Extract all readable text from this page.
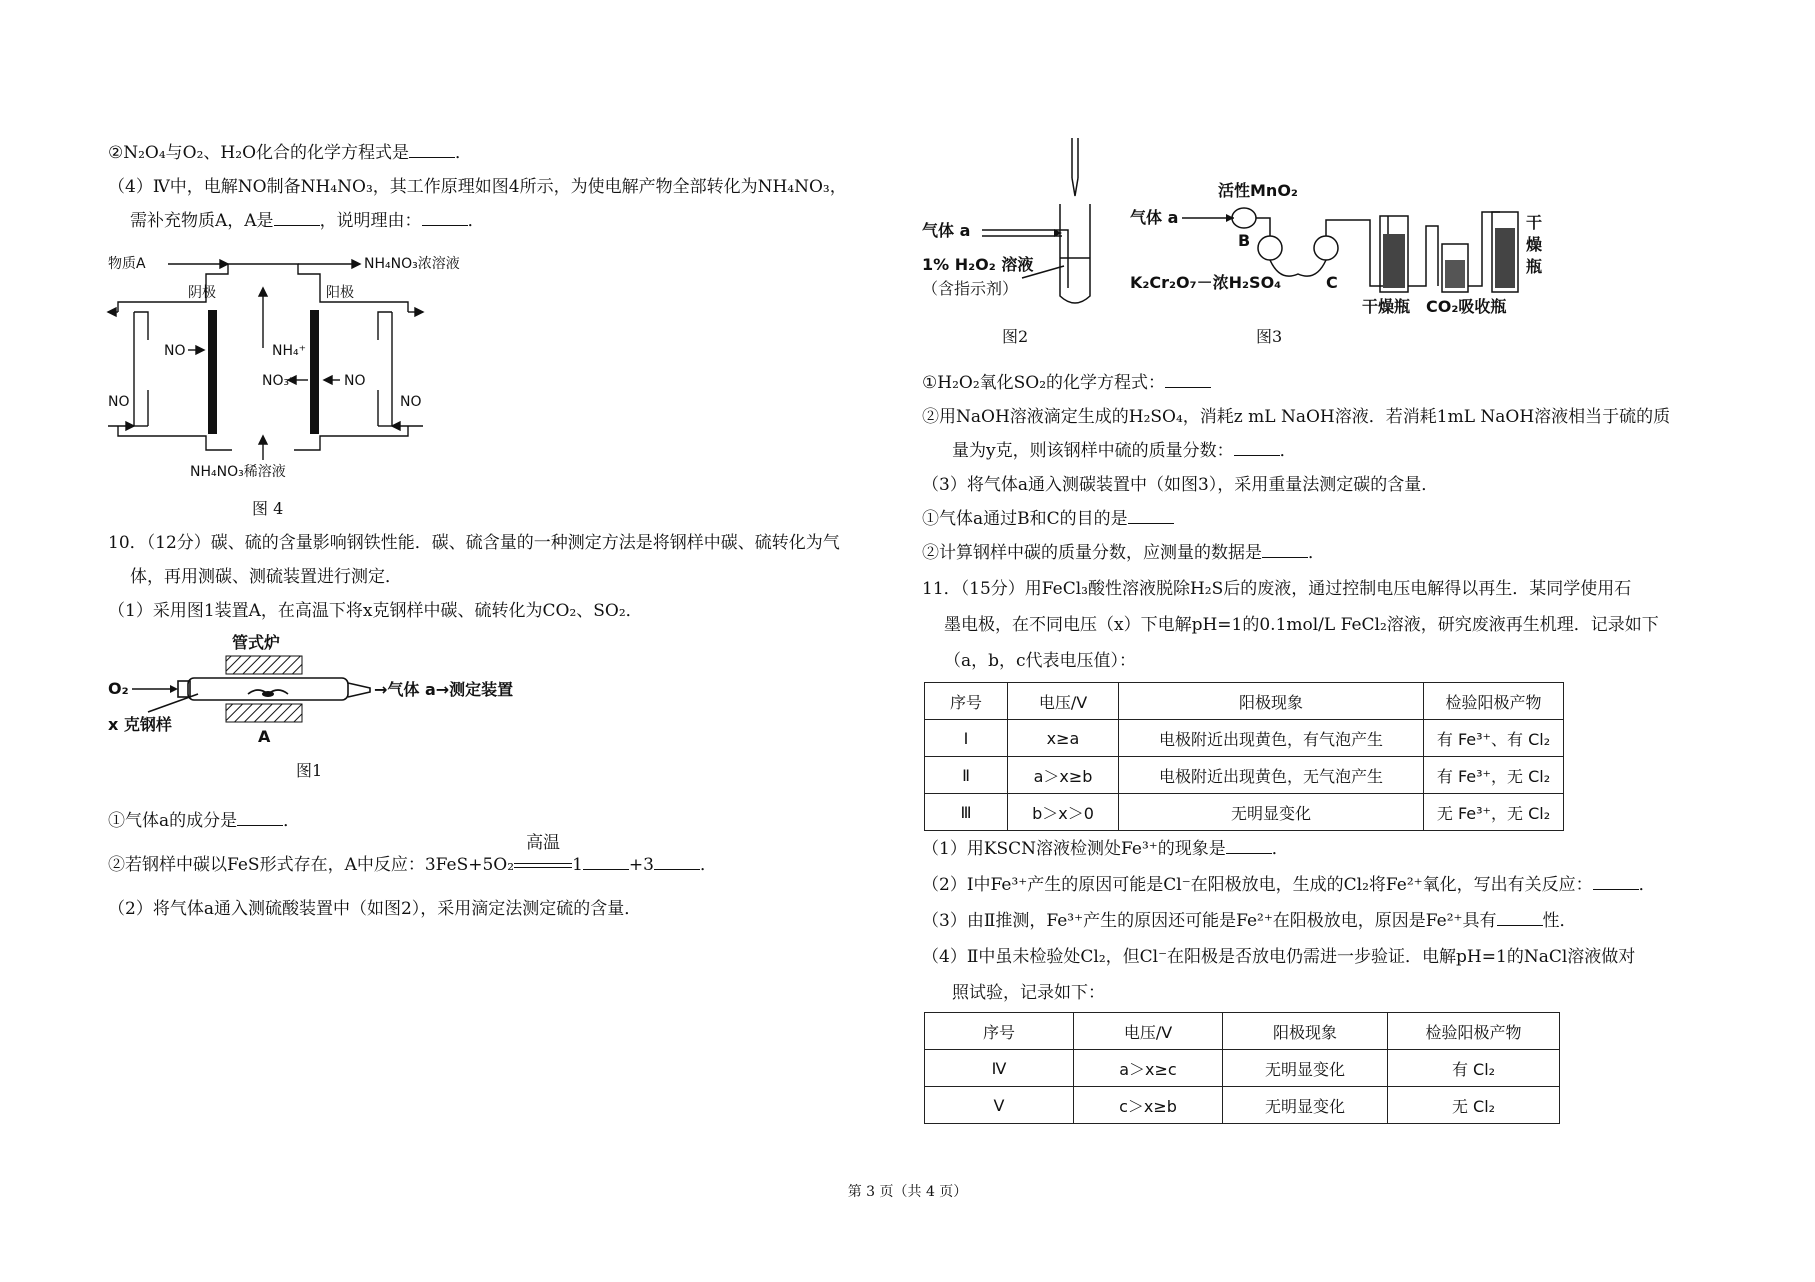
②N₂O₄与O₂、H₂O化合的化学方程式是	．
（4）Ⅳ中，电解NO制备NH₄NO₃，其工作原理如图4所示，为使电解产物全部转化为NH₄NO₃，
需补充物质A，A是	，说明理由：	．
物质A	NH₄NO₃浓溶液
阴极	阳极
NO	NH₄⁺
NO₃⁻	NO
NO	NO
NH₄NO₃稀溶液
图 4
10．（12分）碳、硫的含量影响钢铁性能．碳、硫含量的一种测定方法是将钢样中碳、硫转化为气
体，再用测碳、测硫装置进行测定．
（1）采用图1装置A，在高温下将x克钢样中碳、硫转化为CO₂、SO₂．
管式炉
O₂
x 克钢样
A
→气体 a→测定装置
图1
①气体a的成分是	．
②若钢样中碳以FeS形式存在，A中反应：3FeS+5O₂
高温
1	+3	．
（2）将气体a通入测硫酸装置中（如图2），采用滴定法测定硫的含量．
气体 a
1% H₂O₂ 溶液
（含指示剂）
图2
气体 a
活性MnO₂
B
K₂Cr₂O₇－浓H₂SO₄	C
干燥瓶 CO₂吸收瓶
干
燥
瓶
图3
①H₂O₂氧化SO₂的化学方程式：
②用NaOH溶液滴定生成的H₂SO₄，消耗z mL NaOH溶液．若消耗1mL NaOH溶液相当于硫的质
量为y克，则该钢样中硫的质量分数：	．
（3）将气体a通入测碳装置中（如图3），采用重量法测定碳的含量．
①气体a通过B和C的目的是
②计算钢样中碳的质量分数，应测量的数据是	．
11．（15分）用FeCl₃酸性溶液脱除H₂S后的废液，通过控制电压电解得以再生．某同学使用石
墨电极，在不同电压（x）下电解pH=1的0.1mol/L FeCl₂溶液，研究废液再生机理．记录如下
（a，b，c代表电压值）：
序号	电压/V	阳极现象	检验阳极产物
Ⅰ	x≥a	电极附近出现黄色，有气泡产生	有 Fe³⁺、有 Cl₂
Ⅱ	a＞x≥b	电极附近出现黄色，无气泡产生	有 Fe³⁺，无 Cl₂
Ⅲ	b＞x＞0	无明显变化	无 Fe³⁺，无 Cl₂
（1）用KSCN溶液检测处Fe³⁺的现象是	．
（2）Ⅰ中Fe³⁺产生的原因可能是Cl⁻在阳极放电，生成的Cl₂将Fe²⁺氧化，写出有关反应：	．
（3）由Ⅱ推测，Fe³⁺产生的原因还可能是Fe²⁺在阳极放电，原因是Fe²⁺具有	性．
（4）Ⅱ中虽未检验处Cl₂，但Cl⁻在阳极是否放电仍需进一步验证．电解pH=1的NaCl溶液做对
照试验，记录如下：
序号	电压/V	阳极现象	检验阳极产物
Ⅳ	a＞x≥c	无明显变化	有 Cl₂
Ⅴ	c＞x≥b	无明显变化	无 Cl₂
第 3 页（共 4 页）
